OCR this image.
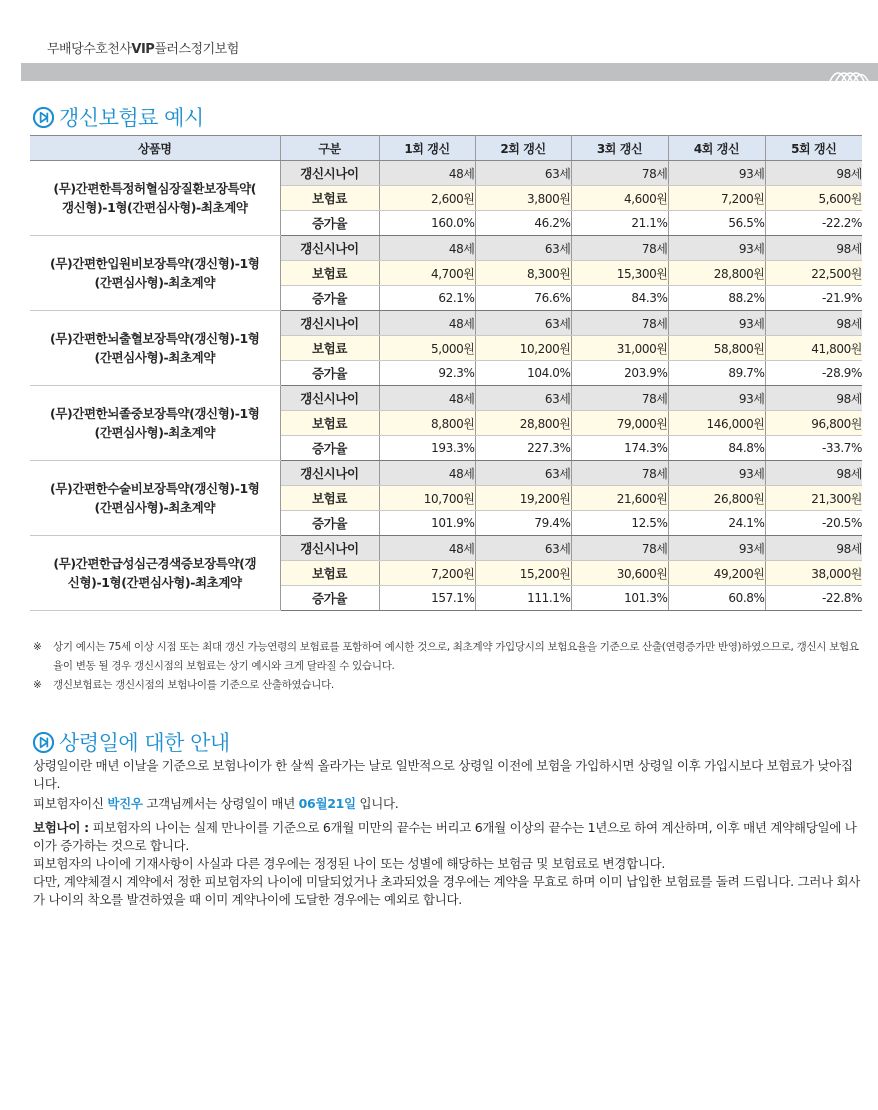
무배당수호천사VIP플러스정기보험
갱신보험료 예시
상품명	구분	1회 갱신	2회 갱신	3회 갱신	4회 갱신	5회 갱신
(무)간편한특정허혈심장질환보장특약(
갱신형)-1형(간편심사형)-최초계약	갱신시나이	48세	63세	78세	93세	98세
	보험료	2,600원	3,800원	4,600원	7,200원	5,600원
	증가율	160.0%	46.2%	21.1%	56.5%	-22.2%
(무)간편한입원비보장특약(갱신형)-1형
(간편심사형)-최초계약	갱신시나이	48세	63세	78세	93세	98세
	보험료	4,700원	8,300원	15,300원	28,800원	22,500원
	증가율	62.1%	76.6%	84.3%	88.2%	-21.9%
(무)간편한뇌출혈보장특약(갱신형)-1형
(간편심사형)-최초계약	갱신시나이	48세	63세	78세	93세	98세
	보험료	5,000원	10,200원	31,000원	58,800원	41,800원
	증가율	92.3%	104.0%	203.9%	89.7%	-28.9%
(무)간편한뇌졸중보장특약(갱신형)-1형
(간편심사형)-최초계약	갱신시나이	48세	63세	78세	93세	98세
	보험료	8,800원	28,800원	79,000원	146,000원	96,800원
	증가율	193.3%	227.3%	174.3%	84.8%	-33.7%
(무)간편한수술비보장특약(갱신형)-1형
(간편심사형)-최초계약	갱신시나이	48세	63세	78세	93세	98세
	보험료	10,700원	19,200원	21,600원	26,800원	21,300원
	증가율	101.9%	79.4%	12.5%	24.1%	-20.5%
(무)간편한급성심근경색증보장특약(갱
신형)-1형(간편심사형)-최초계약	갱신시나이	48세	63세	78세	93세	98세
	보험료	7,200원	15,200원	30,600원	49,200원	38,000원
	증가율	157.1%	111.1%	101.3%	60.8%	-22.8%
※	상기 예시는 75세 이상 시점 또는 최대 갱신 가능연령의 보험료를 포함하여 예시한 것으로, 최초계약 가입당시의 보험요율을 기준으로 산출(연령증가만 반영)하였으므로, 갱신시 보험요율이 변동 될 경우 갱신시점의 보험료는 상기 예시와 크게 달라질 수 있습니다.
※	갱신보험료는 갱신시점의 보험나이를 기준으로 산출하였습니다.
상령일에 대한 안내

상령일이란 매년 이날을 기준으로 보험나이가 한 살씩 올라가는 날로 일반적으로 상령일 이전에 보험을 가입하시면 상령일 이후 가입시보다 보험료가 낮아집니다.

피보험자이신 박진우 고객님께서는 상령일이 매년 06월21일 입니다.

보험나이 : 피보험자의 나이는 실제 만나이를 기준으로 6개월 미만의 끝수는 버리고 6개월 이상의 끝수는 1년으로 하여 계산하며, 이후 매년 계약해당일에 나이가 증가하는 것으로 합니다.

피보험자의 나이에 기재사항이 사실과 다른 경우에는 정정된 나이 또는 성별에 해당하는 보험금 및 보험료로 변경합니다.

다만, 계약체결시 계약에서 정한 피보험자의 나이에 미달되었거나 초과되었을 경우에는 계약을 무효로 하며 이미 납입한 보험료를 돌려 드립니다. 그러나 회사가 나이의 착오를 발견하였을 때 이미 계약나이에 도달한 경우에는 예외로 합니다.
